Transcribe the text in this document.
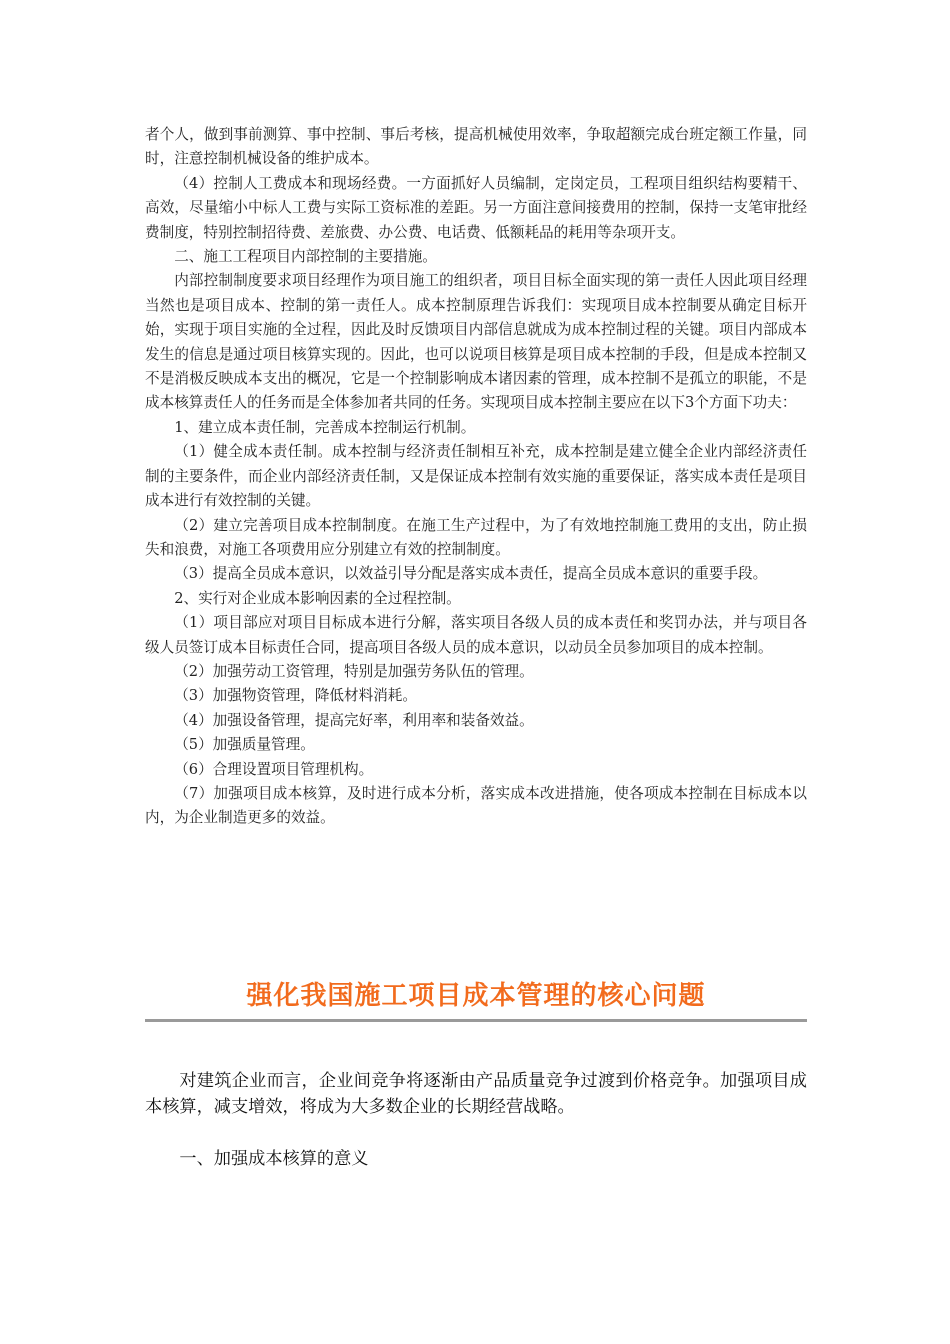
者个人，做到事前测算、事中控制、事后考核，提高机械使用效率，争取超额完成台班定额工作量，同时，注意控制机械设备的维护成本。

（4）控制人工费成本和现场经费。一方面抓好人员编制，定岗定员，工程项目组织结构要精干、高效，尽量缩小中标人工费与实际工资标准的差距。另一方面注意间接费用的控制，保持一支笔审批经费制度，特别控制招待费、差旅费、办公费、电话费、低额耗品的耗用等杂项开支。

二、施工工程项目内部控制的主要措施。

内部控制制度要求项目经理作为项目施工的组织者，项目目标全面实现的第一责任人因此项目经理当然也是项目成本、控制的第一责任人。成本控制原理告诉我们：实现项目成本控制要从确定目标开始，实现于项目实施的全过程，因此及时反馈项目内部信息就成为成本控制过程的关键。项目内部成本发生的信息是通过项目核算实现的。因此，也可以说项目核算是项目成本控制的手段，但是成本控制又不是消极反映成本支出的概况，它是一个控制影响成本诸因素的管理，成本控制不是孤立的职能，不是成本核算责任人的任务而是全体参加者共同的任务。实现项目成本控制主要应在以下3个方面下功夫：

1、建立成本责任制，完善成本控制运行机制。

（1）健全成本责任制。成本控制与经济责任制相互补充，成本控制是建立健全企业内部经济责任制的主要条件，而企业内部经济责任制，又是保证成本控制有效实施的重要保证，落实成本责任是项目成本进行有效控制的关键。

（2）建立完善项目成本控制制度。在施工生产过程中，为了有效地控制施工费用的支出，防止损失和浪费，对施工各项费用应分别建立有效的控制制度。

（3）提高全员成本意识，以效益引导分配是落实成本责任，提高全员成本意识的重要手段。

2、实行对企业成本影响因素的全过程控制。

（1）项目部应对项目目标成本进行分解，落实项目各级人员的成本责任和奖罚办法，并与项目各级人员签订成本目标责任合同，提高项目各级人员的成本意识，以动员全员参加项目的成本控制。

（2）加强劳动工资管理，特别是加强劳务队伍的管理。

（3）加强物资管理，降低材料消耗。

（4）加强设备管理，提高完好率，利用率和装备效益。

（5）加强质量管理。

（6）合理设置项目管理机构。

（7）加强项目成本核算，及时进行成本分析，落实成本改进措施，使各项成本控制在目标成本以内，为企业制造更多的效益。

强化我国施工项目成本管理的核心问题

对建筑企业而言，企业间竞争将逐渐由产品质量竞争过渡到价格竞争。加强项目成本核算，减支增效，将成为大多数企业的长期经营战略。

一、加强成本核算的意义
